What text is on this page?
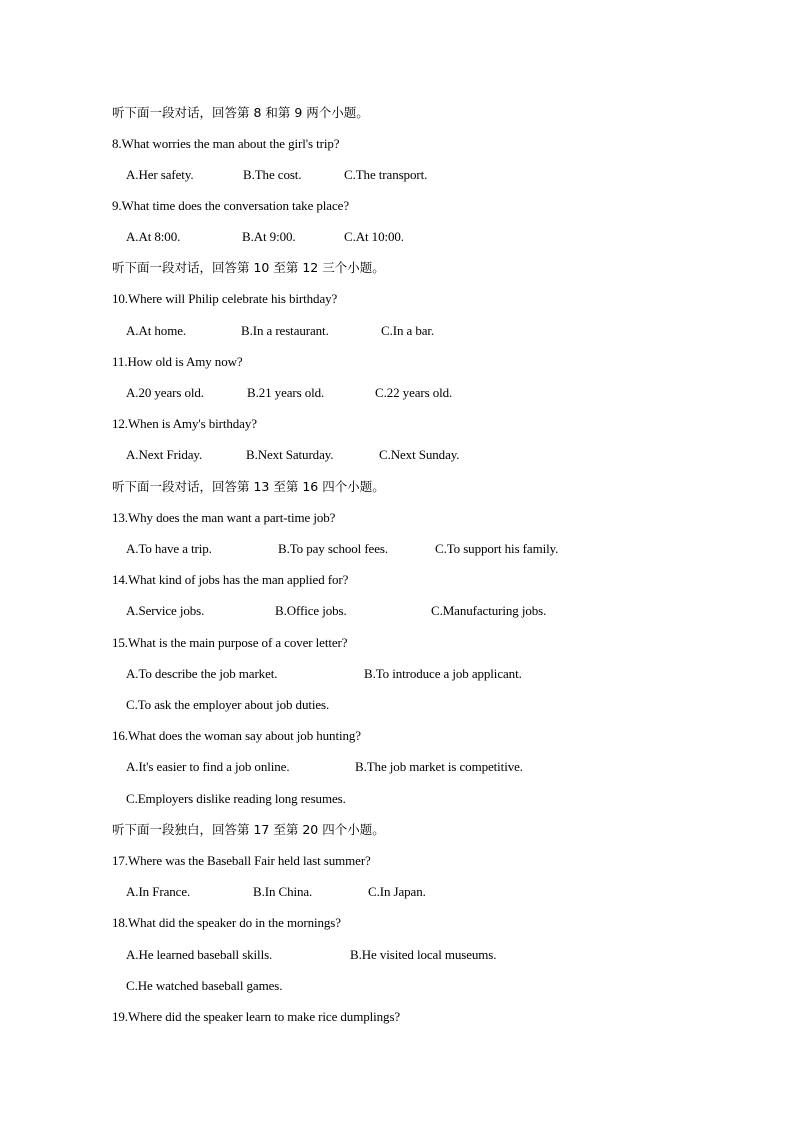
听下面一段对话，回答第 8 和第 9 两个小题。
8.What worries the man about the girl's trip?
A.Her safety.	B.The cost.	C.The transport.
9.What time does the conversation take place?
A.At 8:00.	B.At 9:00.	C.At 10:00.
听下面一段对话，回答第 10 至第 12 三个小题。
10.Where will Philip celebrate his birthday?
A.At home.	B.In a restaurant.	C.In a bar.
11.How old is Amy now?
A.20 years old.	B.21 years old.	C.22 years old.
12.When is Amy's birthday?
A.Next Friday.	B.Next Saturday.	C.Next Sunday.
听下面一段对话，回答第 13 至第 16 四个小题。
13.Why does the man want a part-time job?
A.To have a trip.	B.To pay school fees.	C.To support his family.
14.What kind of jobs has the man applied for?
A.Service jobs.	B.Office jobs.	C.Manufacturing jobs.
15.What is the main purpose of a cover letter?
A.To describe the job market.	B.To introduce a job applicant.
C.To ask the employer about job duties.
16.What does the woman say about job hunting?
A.It's easier to find a job online.	B.The job market is competitive.
C.Employers dislike reading long resumes.
听下面一段独白，回答第 17 至第 20 四个小题。
17.Where was the Baseball Fair held last summer?
A.In France.	B.In China.	C.In Japan.
18.What did the speaker do in the mornings?
A.He learned baseball skills.	B.He visited local museums.
C.He watched baseball games.
19.Where did the speaker learn to make rice dumplings?
